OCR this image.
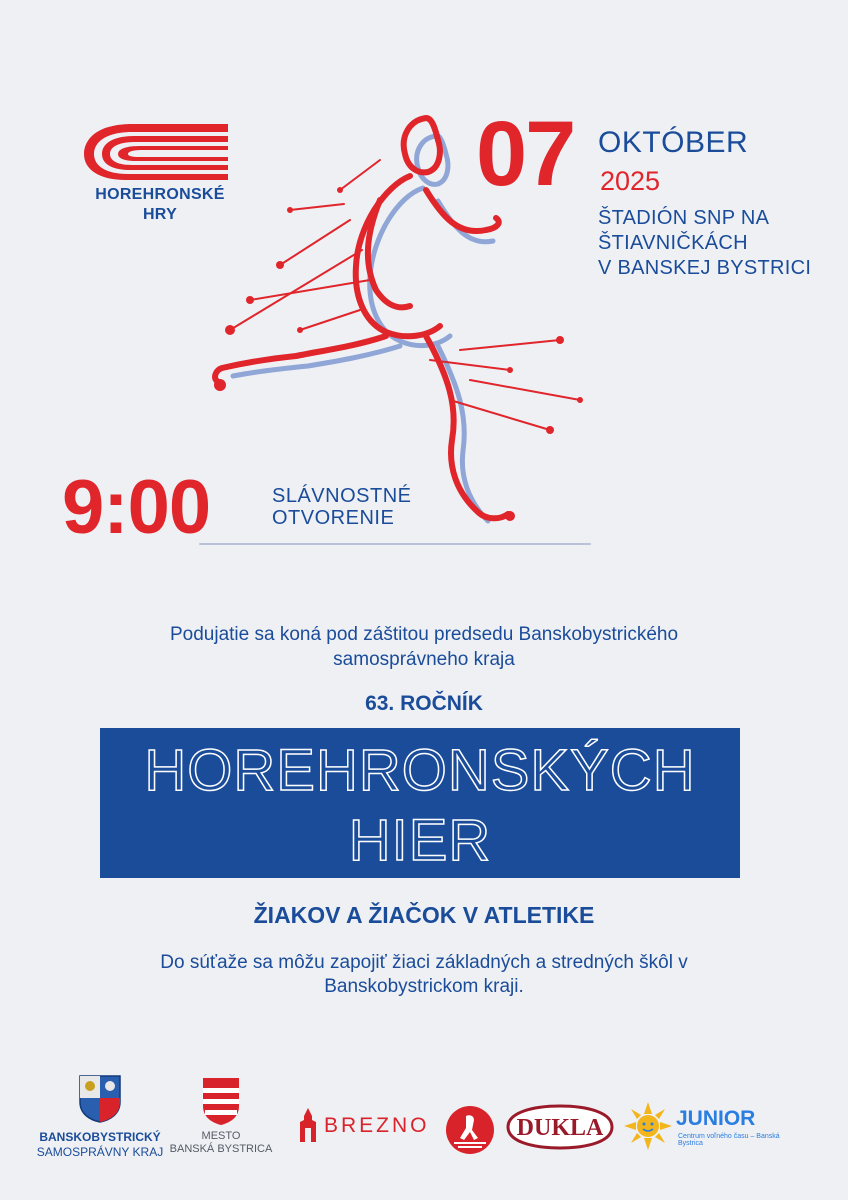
HOREHRONSKÉ
HRY
07 OKTÓBER
2025
ŠTADIÓN SNP NA
ŠTIAVNIČKÁCH
V BANSKEJ BYSTRICI
9:00	SLÁVNOSTNÉ
OTVORENIE
Podujatie sa koná pod záštitou predsedu Banskobystrického
samosprávneho kraja
63. ROČNÍK
HOREHRONSKÝCH
HIER
ŽIAKOV A ŽIAČOK V ATLETIKE
Do súťaže sa môžu zapojiť žiaci základných a stredných škôl v
Banskobystrickom kraji.
BANSKOBYSTRICKÝ
SAMOSPRÁVNY KRAJ
MESTO
BANSKÁ BYSTRICA
BREZNO	DUKLA	JUNIOR
Centrum voľného času – Banská Bystrica
